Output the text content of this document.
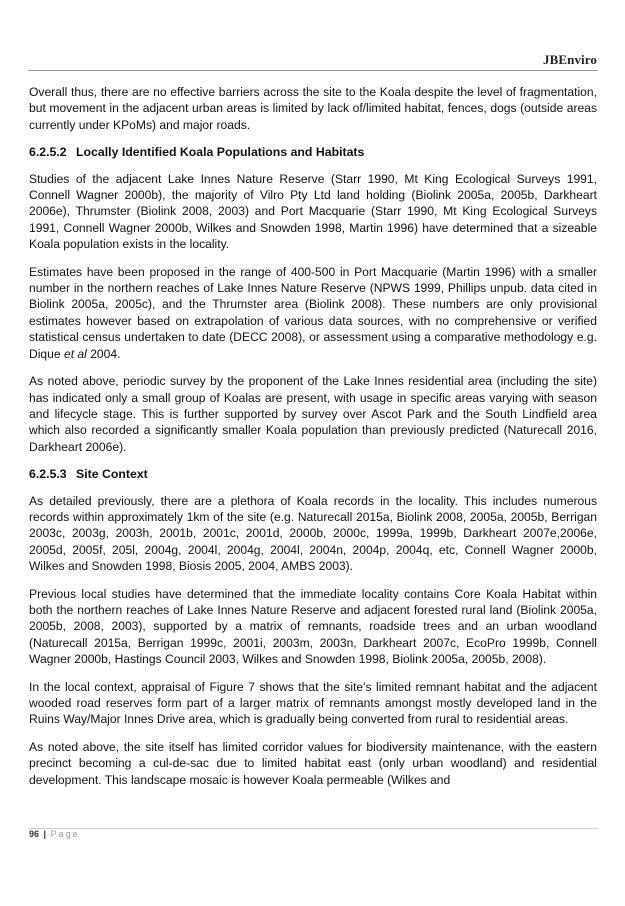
JBEnviro

Overall thus, there are no effective barriers across the site to the Koala despite the level of fragmentation, but movement in the adjacent urban areas is limited by lack of/limited habitat, fences, dogs (outside areas currently under KPoMs) and major roads.

6.2.5.2 Locally Identified Koala Populations and Habitats

Studies of the adjacent Lake Innes Nature Reserve (Starr 1990, Mt King Ecological Surveys 1991, Connell Wagner 2000b), the majority of Vilro Pty Ltd land holding (Biolink 2005a, 2005b, Darkheart 2006e), Thrumster (Biolink 2008, 2003) and Port Macquarie (Starr 1990, Mt King Ecological Surveys 1991, Connell Wagner 2000b, Wilkes and Snowden 1998, Martin 1996) have determined that a sizeable Koala population exists in the locality.

Estimates have been proposed in the range of 400-500 in Port Macquarie (Martin 1996) with a smaller number in the northern reaches of Lake Innes Nature Reserve (NPWS 1999, Phillips unpub. data cited in Biolink 2005a, 2005c), and the Thrumster area (Biolink 2008). These numbers are only provisional estimates however based on extrapolation of various data sources, with no comprehensive or verified statistical census undertaken to date (DECC 2008), or assessment using a comparative methodology e.g. Dique et al 2004.

As noted above, periodic survey by the proponent of the Lake Innes residential area (including the site) has indicated only a small group of Koalas are present, with usage in specific areas varying with season and lifecycle stage. This is further supported by survey over Ascot Park and the South Lindfield area which also recorded a significantly smaller Koala population than previously predicted (Naturecall 2016, Darkheart 2006e).

6.2.5.3 Site Context

As detailed previously, there are a plethora of Koala records in the locality. This includes numerous records within approximately 1km of the site (e.g. Naturecall 2015a, Biolink 2008, 2005a, 2005b, Berrigan 2003c, 2003g, 2003h, 2001b, 2001c, 2001d, 2000b, 2000c, 1999a, 1999b, Darkheart 2007e,2006e, 2005d, 2005f, 205l, 2004g, 2004l, 2004g, 2004l, 2004n, 2004p, 2004q, etc, Connell Wagner 2000b, Wilkes and Snowden 1998, Biosis 2005, 2004, AMBS 2003).

Previous local studies have determined that the immediate locality contains Core Koala Habitat within both the northern reaches of Lake Innes Nature Reserve and adjacent forested rural land (Biolink 2005a, 2005b, 2008, 2003), supported by a matrix of remnants, roadside trees and an urban woodland (Naturecall 2015a, Berrigan 1999c, 2001i, 2003m, 2003n, Darkheart 2007c, EcoPro 1999b, Connell Wagner 2000b, Hastings Council 2003, Wilkes and Snowden 1998, Biolink 2005a, 2005b, 2008).

In the local context, appraisal of Figure 7 shows that the site's limited remnant habitat and the adjacent wooded road reserves form part of a larger matrix of remnants amongst mostly developed land in the Ruins Way/Major Innes Drive area, which is gradually being converted from rural to residential areas.

As noted above, the site itself has limited corridor values for biodiversity maintenance, with the eastern precinct becoming a cul-de-sac due to limited habitat east (only urban woodland) and residential development. This landscape mosaic is however Koala permeable (Wilkes and

96 | Page
